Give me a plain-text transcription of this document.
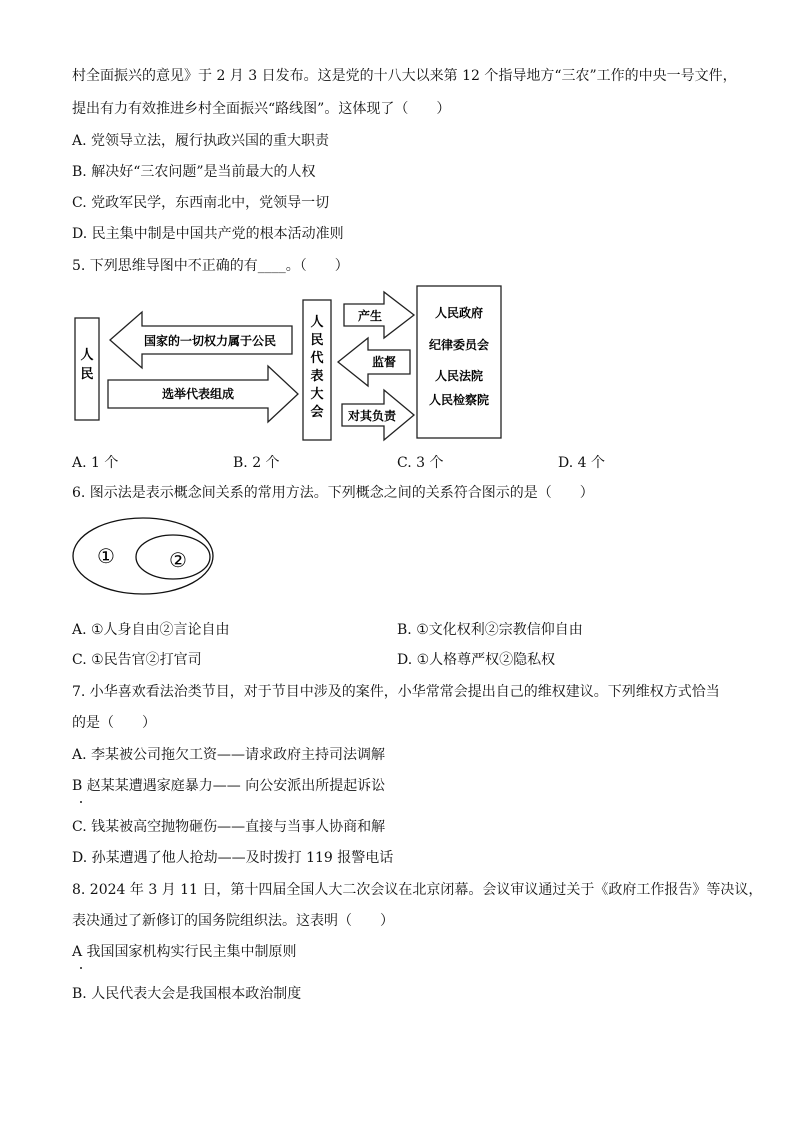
村全面振兴的意见》于 2 月 3 日发布。这是党的十八大以来第 12 个指导地方“三农”工作的中央一号文件，
提出有力有效推进乡村全面振兴“路线图”。这体现了（　　）
A. 党领导立法，履行执政兴国的重大职责
B. 解决好“三农问题”是当前最大的人权
C. 党政军民学，东西南北中，党领导一切
D. 民主集中制是中国共产党的根本活动准则
5. 下列思维导图中不正确的有____。（　　）
人
民
国家的一切权力属于公民
选举代表组成
人
民
代
表
大
会
产生
监督
对其负责
人民政府
纪律委员会
人民法院
人民检察院
A. 1 个	B. 2 个	C. 3 个	D. 4 个
6. 图示法是表示概念间关系的常用方法。下列概念之间的关系符合图示的是（　　）
①	②
A. ①人身自由②言论自由	B. ①文化权利②宗教信仰自由
C. ①民告官②打官司	D. ①人格尊严权②隐私权
7. 小华喜欢看法治类节目，对于节目中涉及的案件，小华常常会提出自己的维权建议。下列维权方式恰当
的是（　　）
A. 李某被公司拖欠工资——请求政府主持司法调解
B 赵某某遭遇家庭暴力—— 向公安派出所提起诉讼
C. 钱某被高空抛物砸伤——直接与当事人协商和解
D. 孙某遭遇了他人抢劫——及时拨打 119 报警电话
8. 2024 年 3 月 11 日，第十四届全国人大二次会议在北京闭幕。会议审议通过关于《政府工作报告》等决议，
表决通过了新修订的国务院组织法。这表明（　　）
A 我国国家机构实行民主集中制原则
B. 人民代表大会是我国根本政治制度
